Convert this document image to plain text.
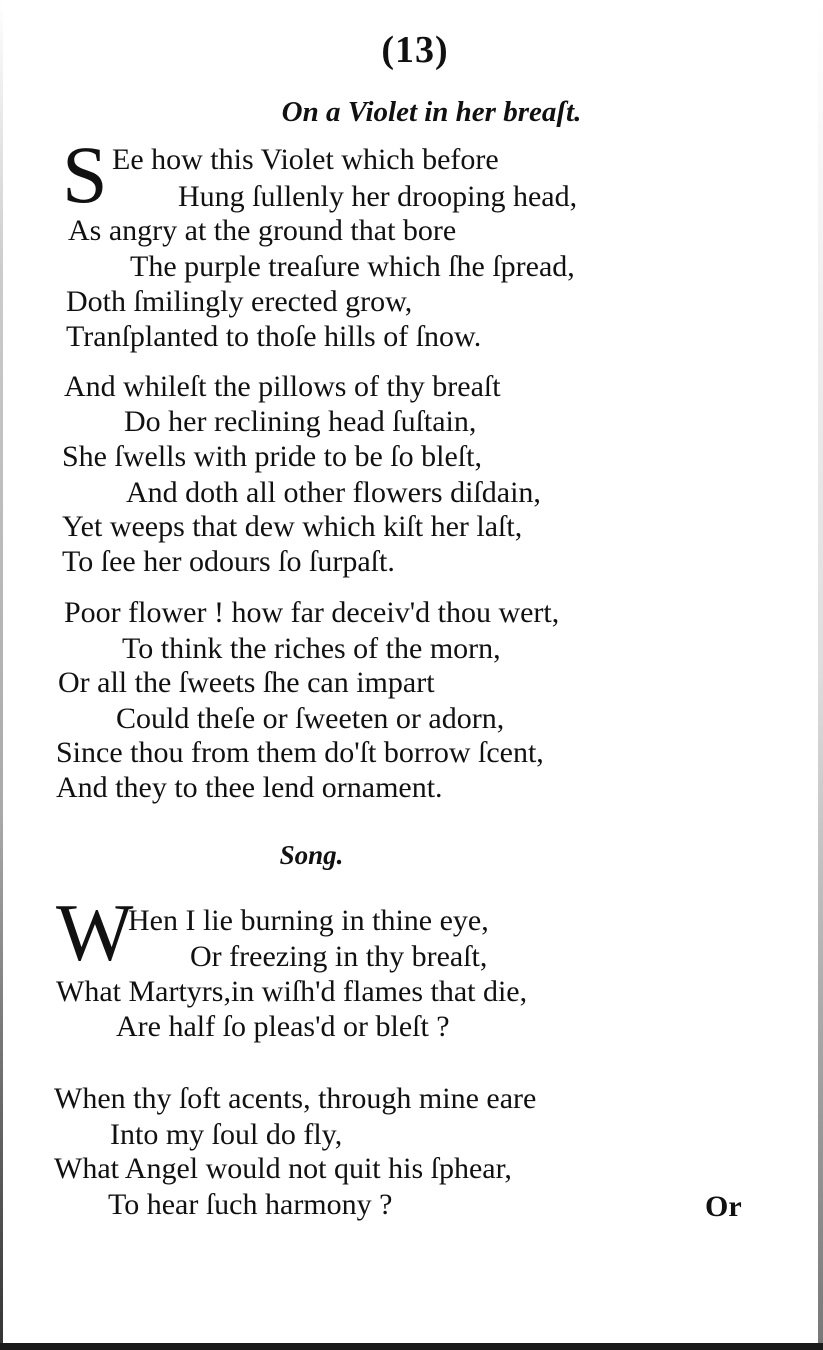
(13)
On a Violet in her breaſt.
S Ee how this Violet which before
Hung ſullenly her drooping head,
As angry at the ground that bore
The purple treaſure which ſhe ſpread,
Doth ſmilingly erected grow,
Tranſplanted to thoſe hills of ſnow.
And whileſt the pillows of thy breaſt
Do her reclining head ſuſtain,
She ſwells with pride to be ſo bleſt,
And doth all other flowers diſdain,
Yet weeps that dew which kiſt her laſt,
To ſee her odours ſo ſurpaſt.
Poor flower ! how far deceiv'd thou wert,
To think the riches of the morn,
Or all the ſweets ſhe can impart
Could theſe or ſweeten or adorn,
Since thou from them do'ſt borrow ſcent,
And they to thee lend ornament.
Song.
W
Hen I lie burning in thine eye,
Or freezing in thy breaſt,
What Martyrs,in wiſh'd flames that die,
Are half ſo pleas'd or bleſt ?
When thy ſoft acents, through mine eare
Into my ſoul do fly,
What Angel would not quit his ſphear,
To hear ſuch harmony ?	Or
